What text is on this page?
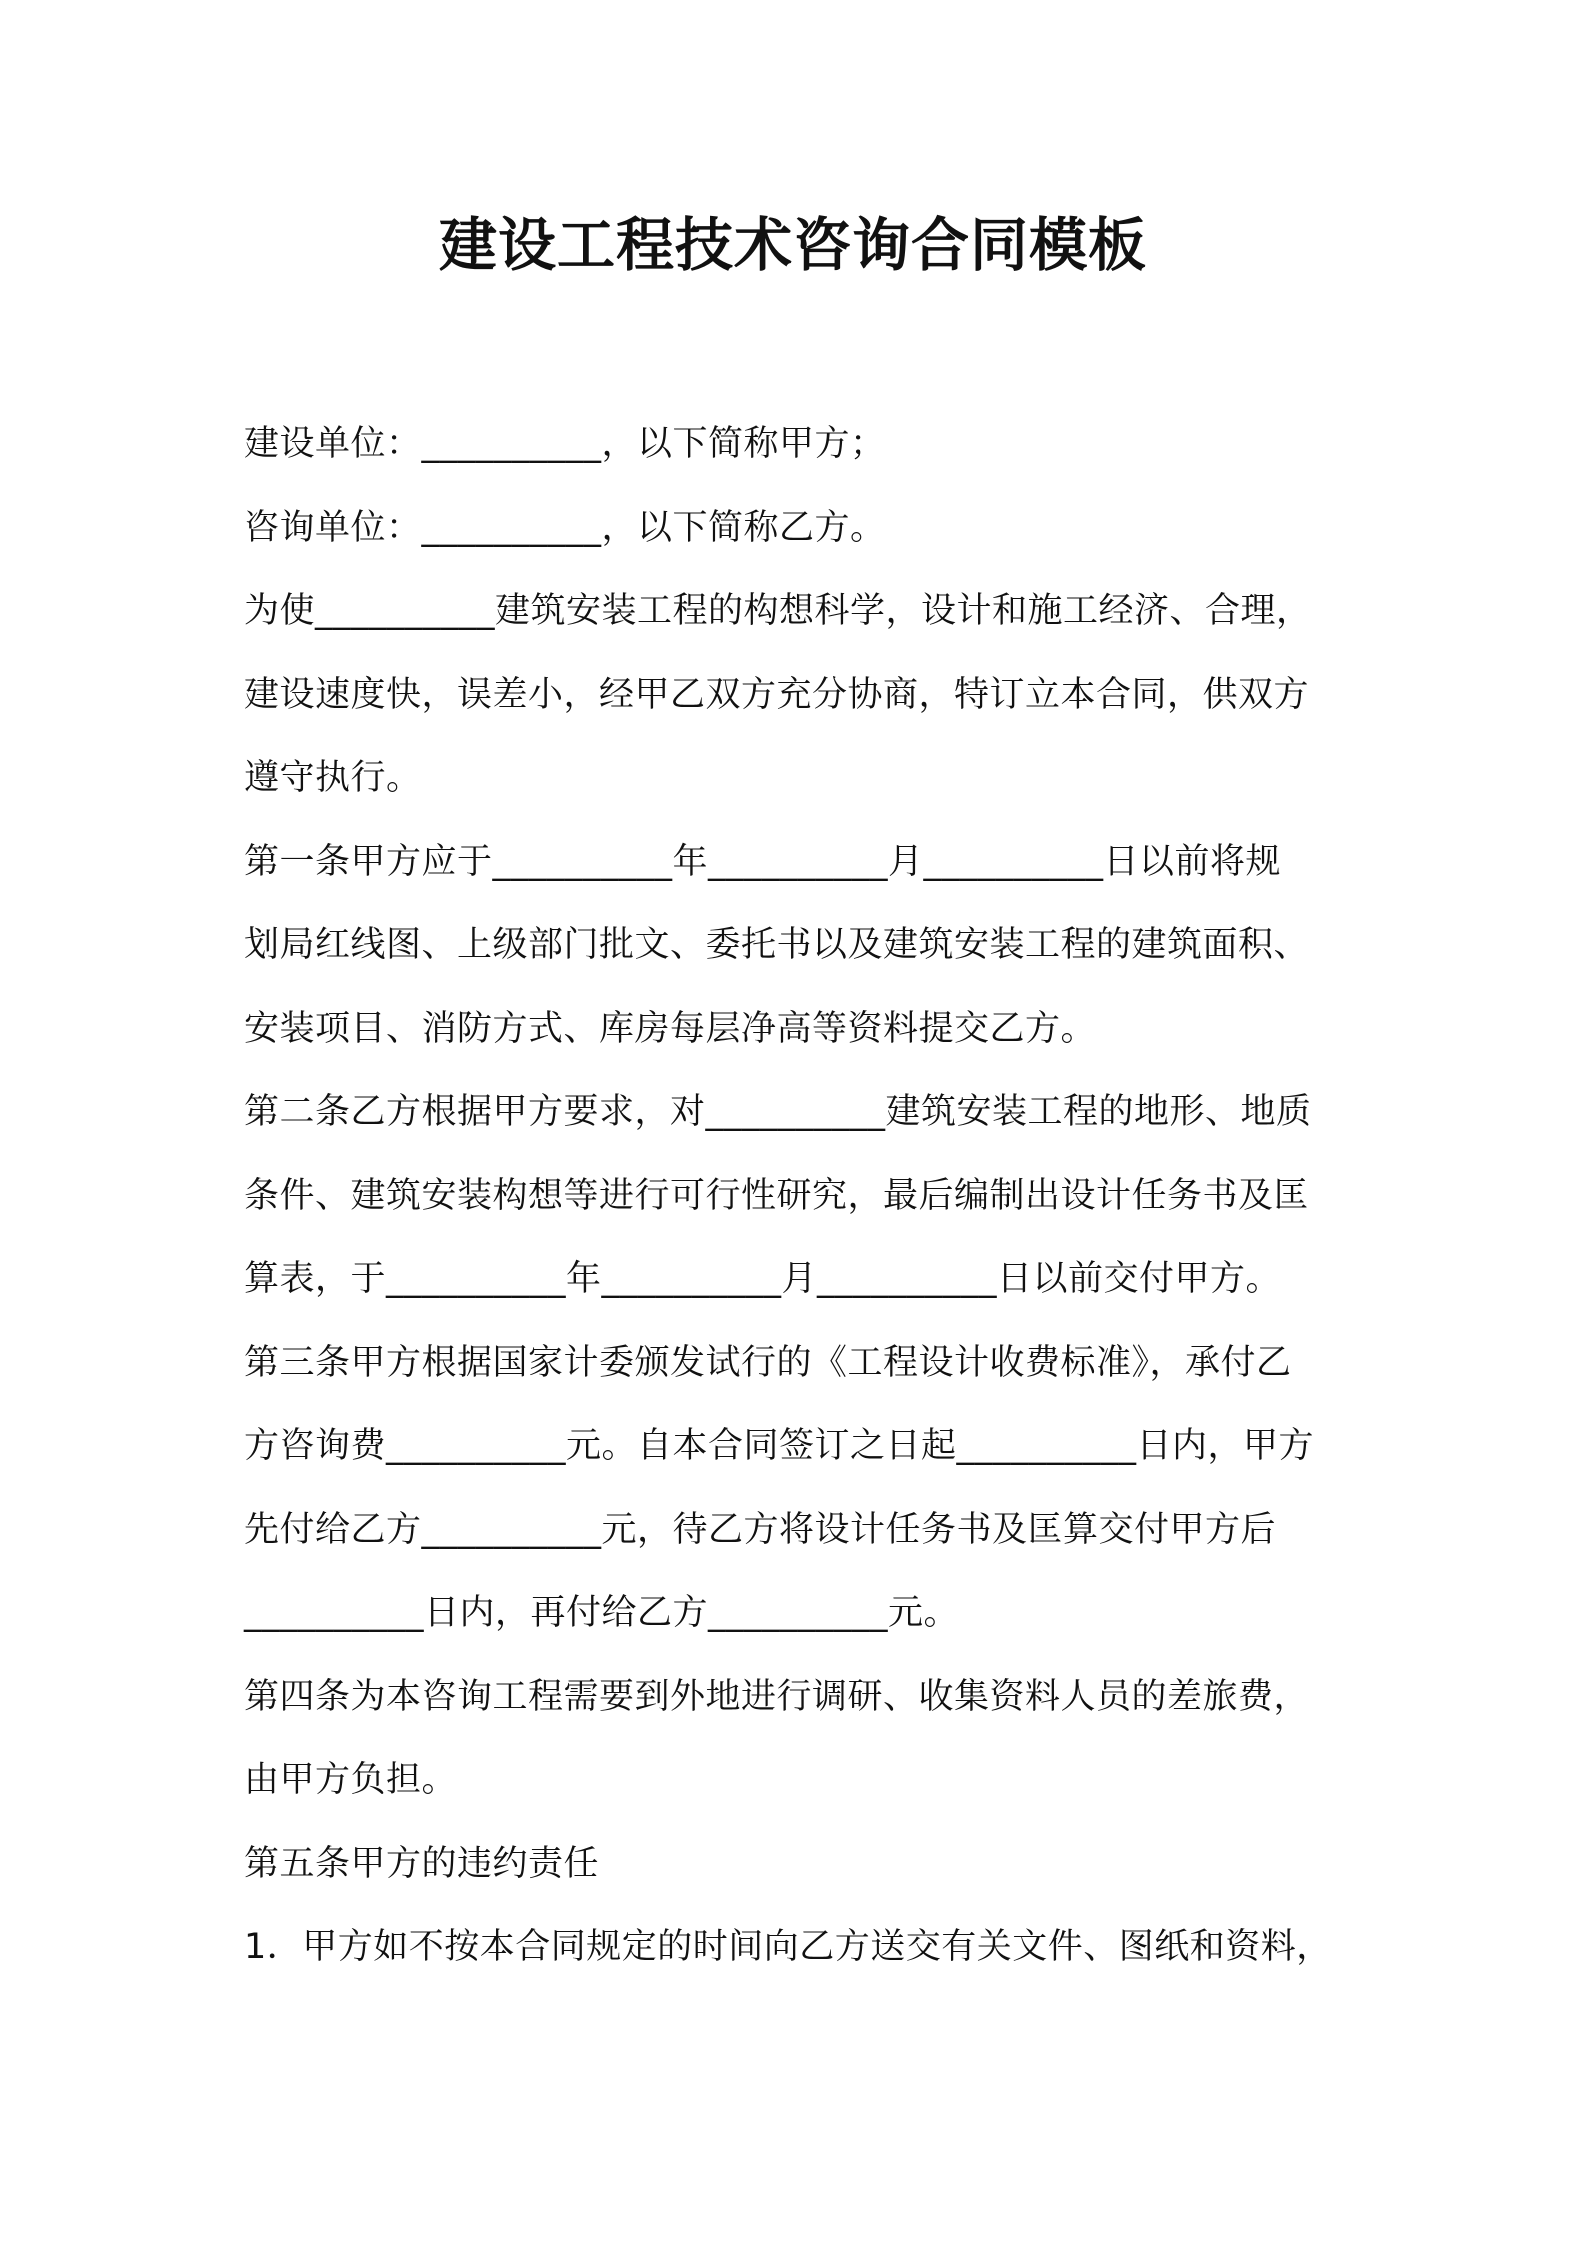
建设工程技术咨询合同模板
建设单位：__________，以下简称甲方；
咨询单位：__________，以下简称乙方。
为使__________建筑安装工程的构想科学，设计和施工经济、合理，
建设速度快，误差小，经甲乙双方充分协商，特订立本合同，供双方
遵守执行。
第一条甲方应于__________年__________月__________日以前将规
划局红线图、上级部门批文、委托书以及建筑安装工程的建筑面积、
安装项目、消防方式、库房每层净高等资料提交乙方。
第二条乙方根据甲方要求，对__________建筑安装工程的地形、地质
条件、建筑安装构想等进行可行性研究，最后编制出设计任务书及匡
算表，于__________年__________月__________日以前交付甲方。
第三条甲方根据国家计委颁发试行的《工程设计收费标准》，承付乙
方咨询费__________元。自本合同签订之日起__________日内，甲方
先付给乙方__________元，待乙方将设计任务书及匡算交付甲方后
__________日内，再付给乙方__________元。
第四条为本咨询工程需要到外地进行调研、收集资料人员的差旅费，
由甲方负担。
第五条甲方的违约责任
1．甲方如不按本合同规定的时间向乙方送交有关文件、图纸和资料，
